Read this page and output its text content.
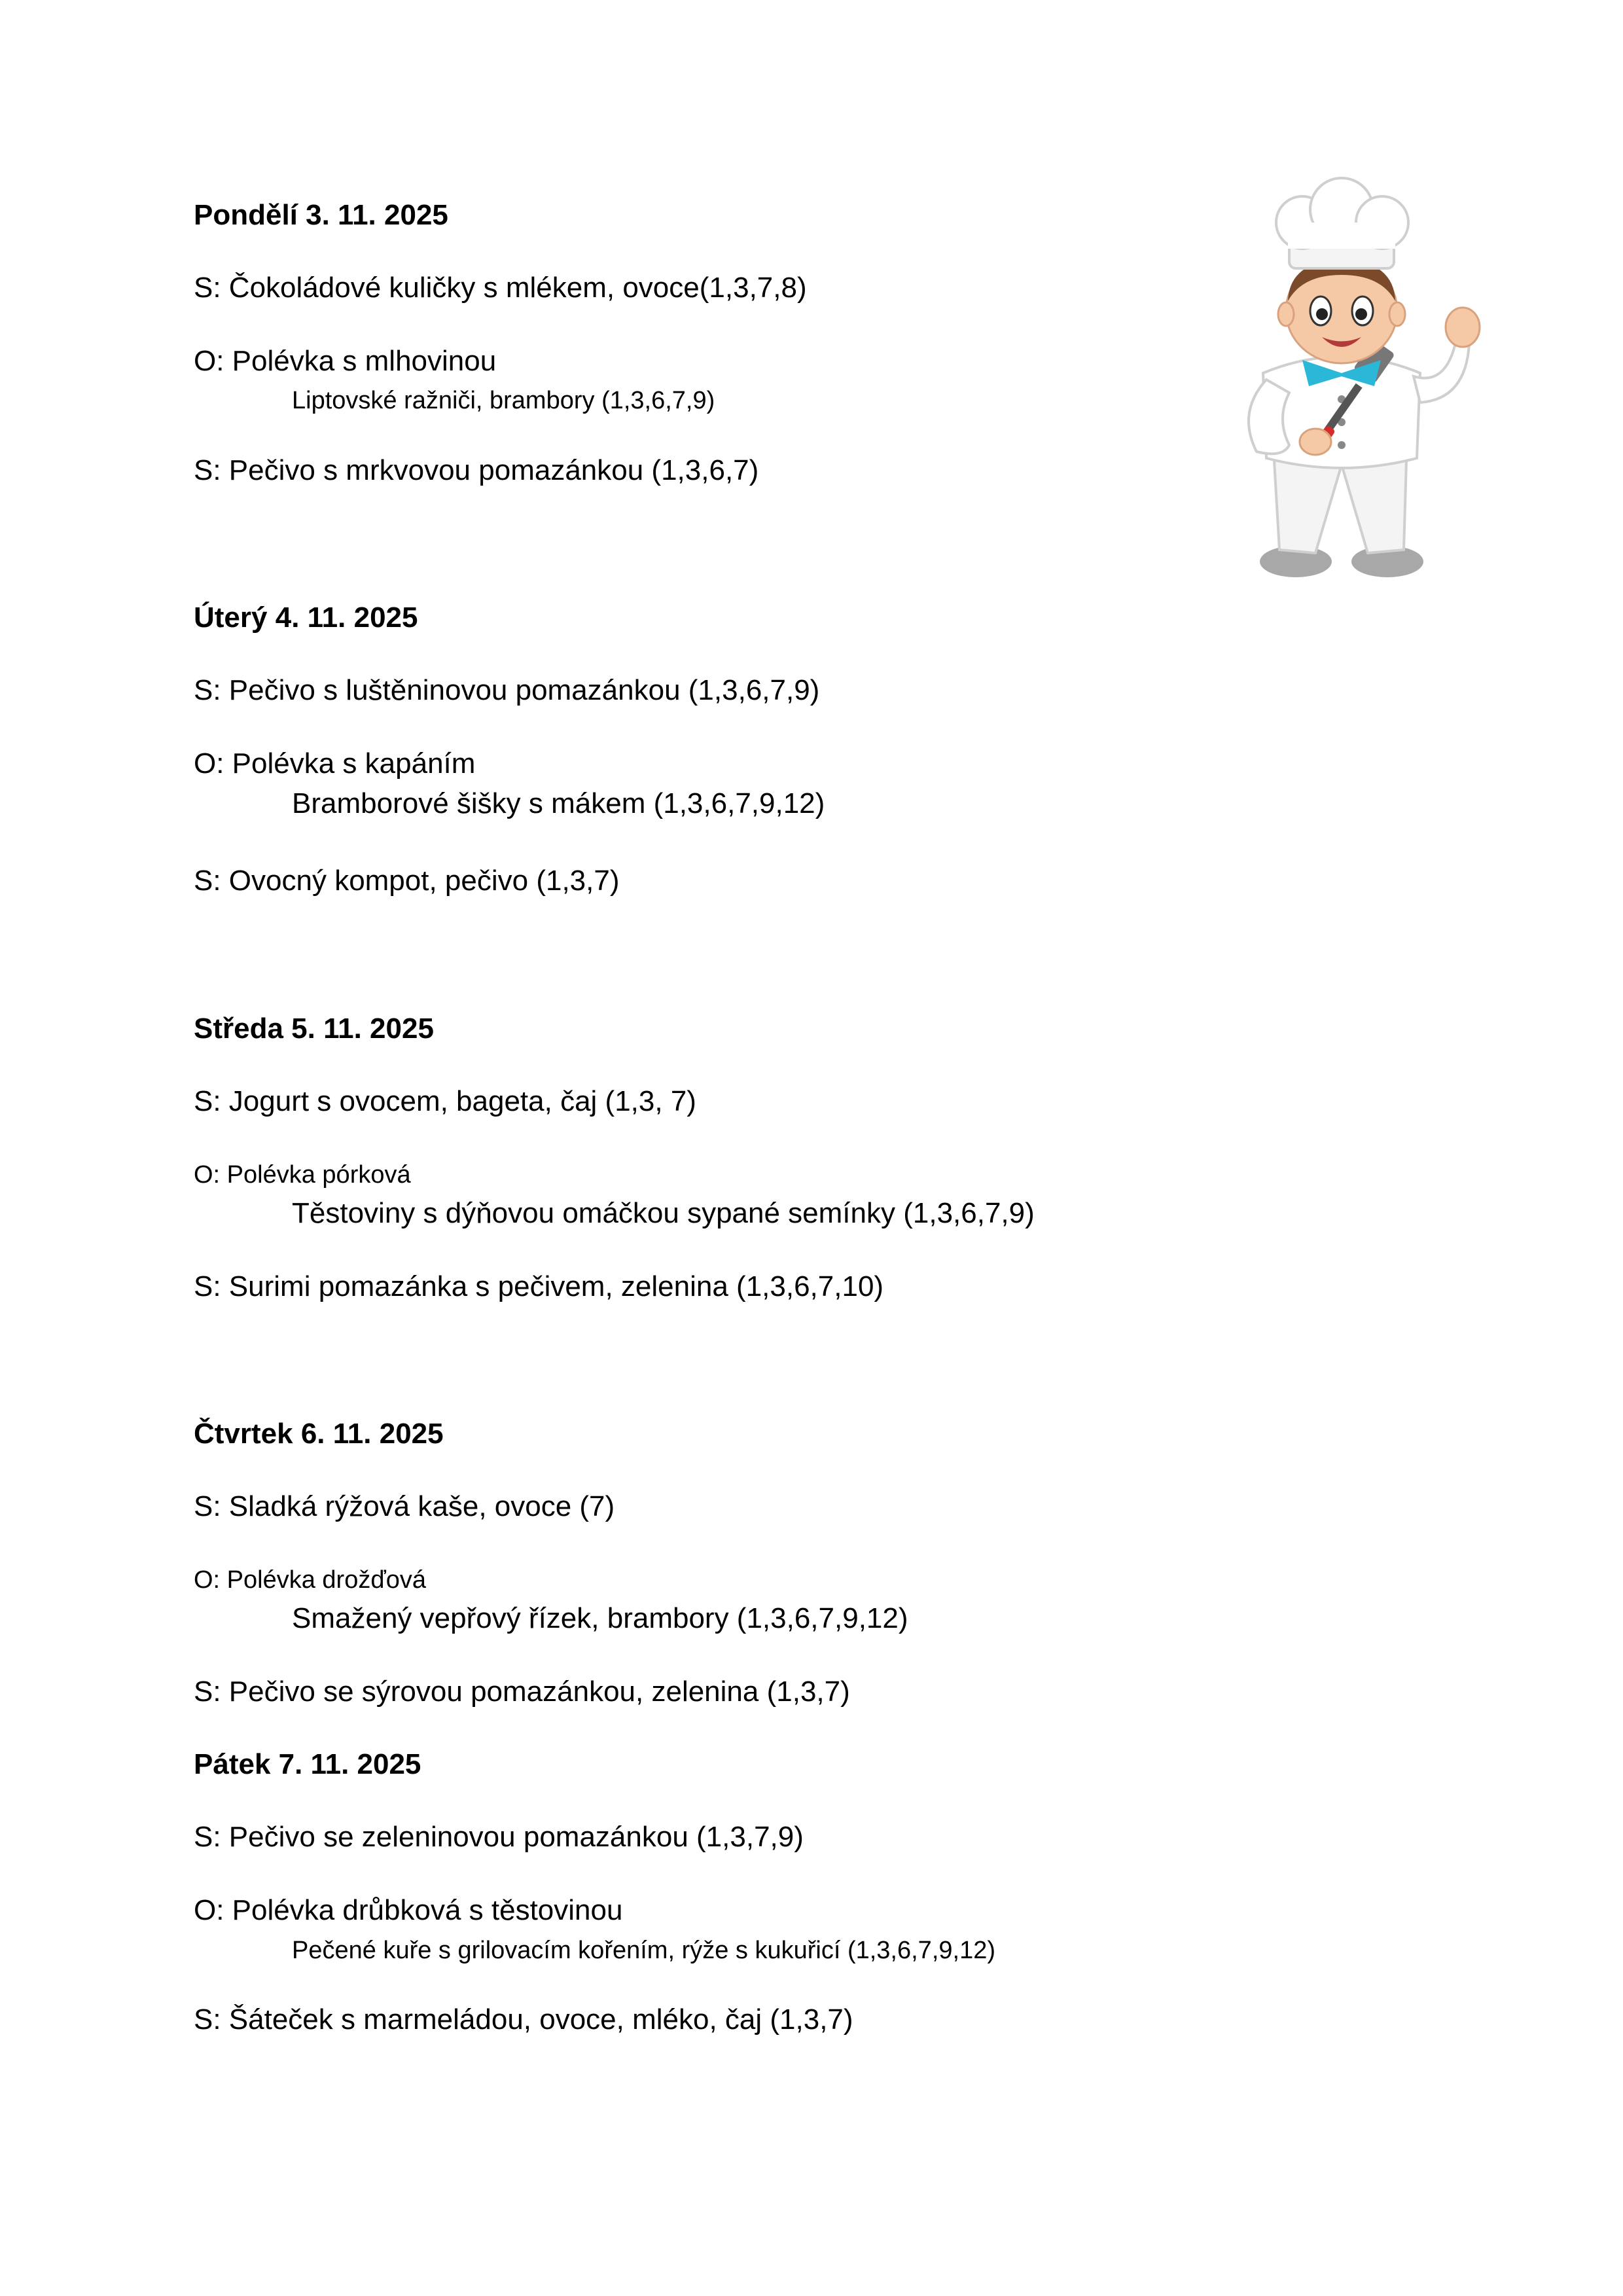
Pondělí 3. 11. 2025
S: Čokoládové kuličky s mlékem, ovoce(1,3,7,8)
O: Polévka s mlhovinou
Liptovské ražniči, brambory (1,3,6,7,9)
S: Pečivo s mrkvovou pomazánkou (1,3,6,7)
Úterý 4. 11. 2025
S: Pečivo s luštěninovou pomazánkou (1,3,6,7,9)
O: Polévka s kapáním
Bramborové šišky s mákem (1,3,6,7,9,12)
S: Ovocný kompot, pečivo (1,3,7)
Středa 5. 11. 2025
S: Jogurt s ovocem, bageta, čaj (1,3, 7)
O: Polévka pórková
Těstoviny s dýňovou omáčkou sypané semínky (1,3,6,7,9)
S: Surimi pomazánka s pečivem, zelenina (1,3,6,7,10)
Čtvrtek 6. 11. 2025
S: Sladká rýžová kaše, ovoce (7)
O: Polévka drožďová
Smažený vepřový řízek, brambory (1,3,6,7,9,12)
S: Pečivo se sýrovou pomazánkou, zelenina (1,3,7)
Pátek 7. 11. 2025
S: Pečivo se zeleninovou pomazánkou (1,3,7,9)
O: Polévka drůbková s těstovinou
Pečené kuře s grilovacím kořením, rýže s kukuřicí (1,3,6,7,9,12)
S: Šáteček s marmeládou, ovoce, mléko, čaj (1,3,7)
